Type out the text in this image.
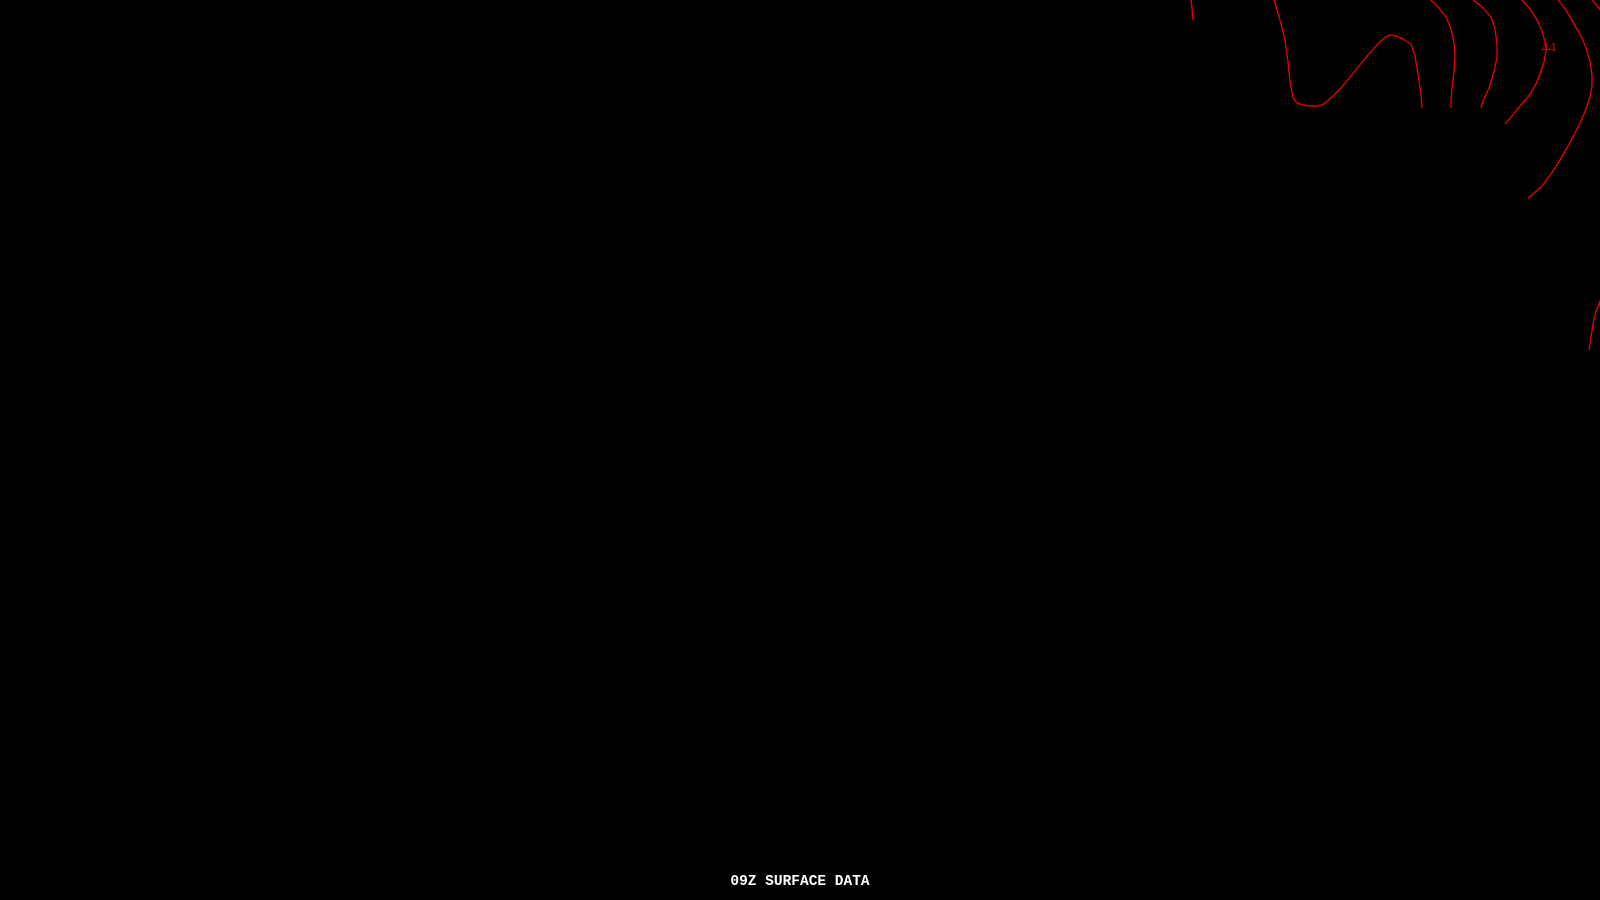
44
09Z SURFACE DATA
